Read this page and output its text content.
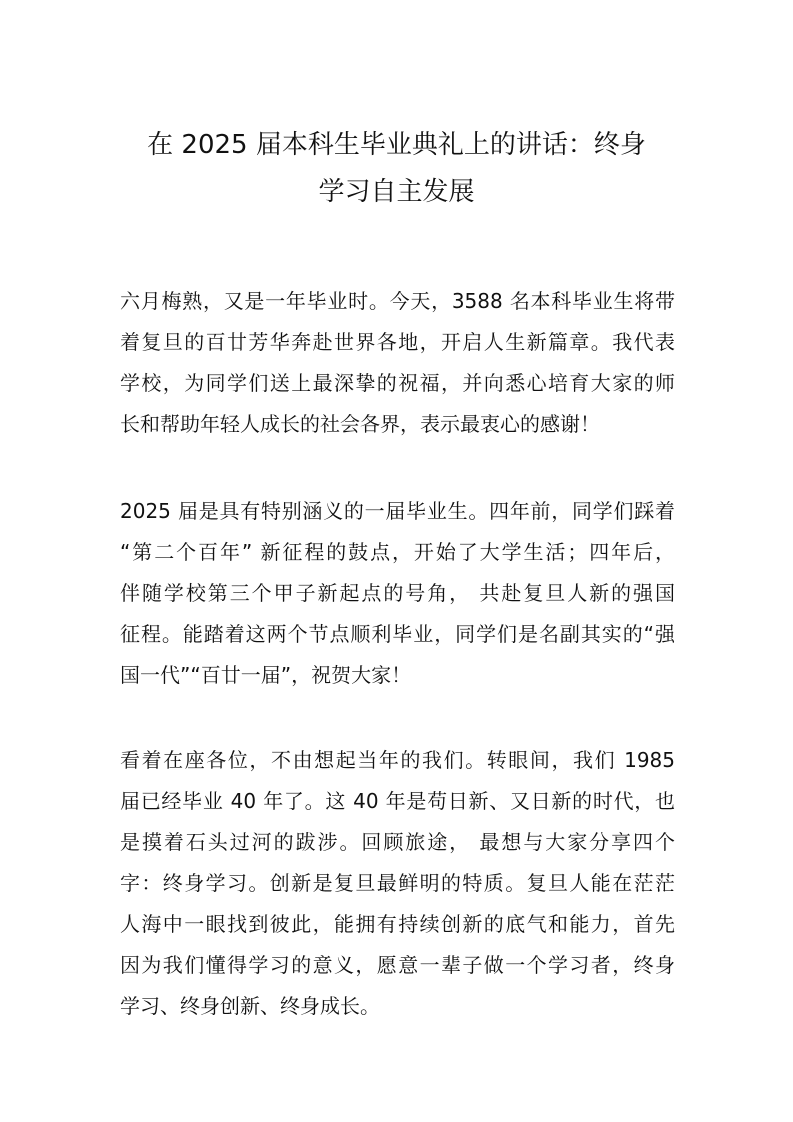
在 2025 届本科生毕业典礼上的讲话：终身
学习自主发展
六月梅熟，又是一年毕业时。今天，3588 名本科毕业生将带
着复旦的百廿芳华奔赴世界各地，开启人生新篇章。我代表
学校，为同学们送上最深挚的祝福，并向悉心培育大家的师
长和帮助年轻人成长的社会各界，表示最衷心的感谢！
2025 届是具有特别涵义的一届毕业生。四年前，同学们踩着
“第二个百年” 新征程的鼓点，开始了大学生活；四年后，
伴随学校第三个甲子新起点的号角， 共赴复旦人新的强国
征程。能踏着这两个节点顺利毕业，同学们是名副其实的“强
国一代”“百廿一届”，祝贺大家！
看着在座各位，不由想起当年的我们。转眼间，我们 1985
届已经毕业 40 年了。这 40 年是苟日新、又日新的时代，也
是摸着石头过河的跋涉。回顾旅途， 最想与大家分享四个
字：终身学习。创新是复旦最鲜明的特质。复旦人能在茫茫
人海中一眼找到彼此，能拥有持续创新的底气和能力，首先
因为我们懂得学习的意义，愿意一辈子做一个学习者，终身
学习、终身创新、终身成长。
